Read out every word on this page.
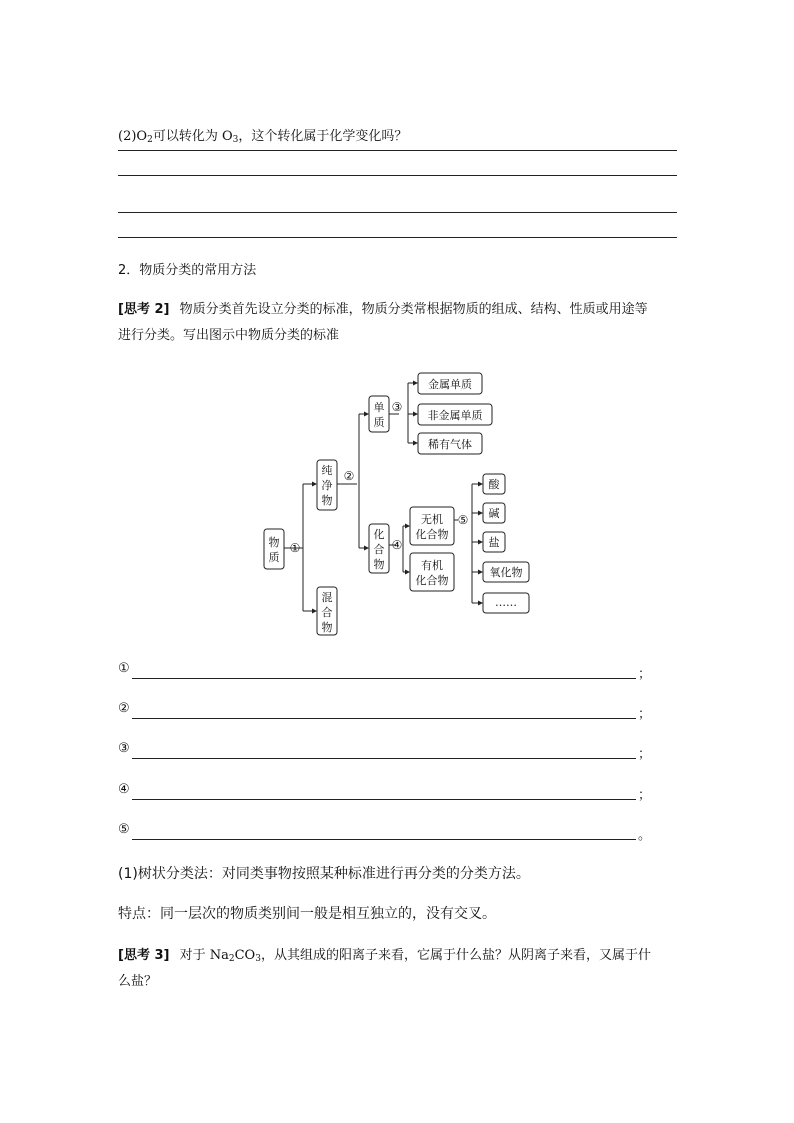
$(2)O_2$可以转化为 $O_3$，这个转化属于化学变化吗？
2．物质分类的常用方法
[思考 2] 物质分类首先设立分类的标准，物质分类常根据物质的组成、结构、性质或用途等
进行分类。写出图示中物质分类的标准
物
质
纯
净
物
混
合
物
单
质
化
合
物
金属单质
非金属单质
稀有气体
无机
化合物
有机
化合物
酸
碱
盐
氧化物
……
①
②
③
④
⑤
①	；
②	；
③	；
④	；
⑤	。
(1)树状分类法：对同类事物按照某种标准进行再分类的分类方法。
特点：同一层次的物质类别间一般是相互独立的，没有交叉。
[思考 3] 对于 $Na_2CO_3$，从其组成的阳离子来看，它属于什么盐？从阴离子来看，又属于什
么盐？
